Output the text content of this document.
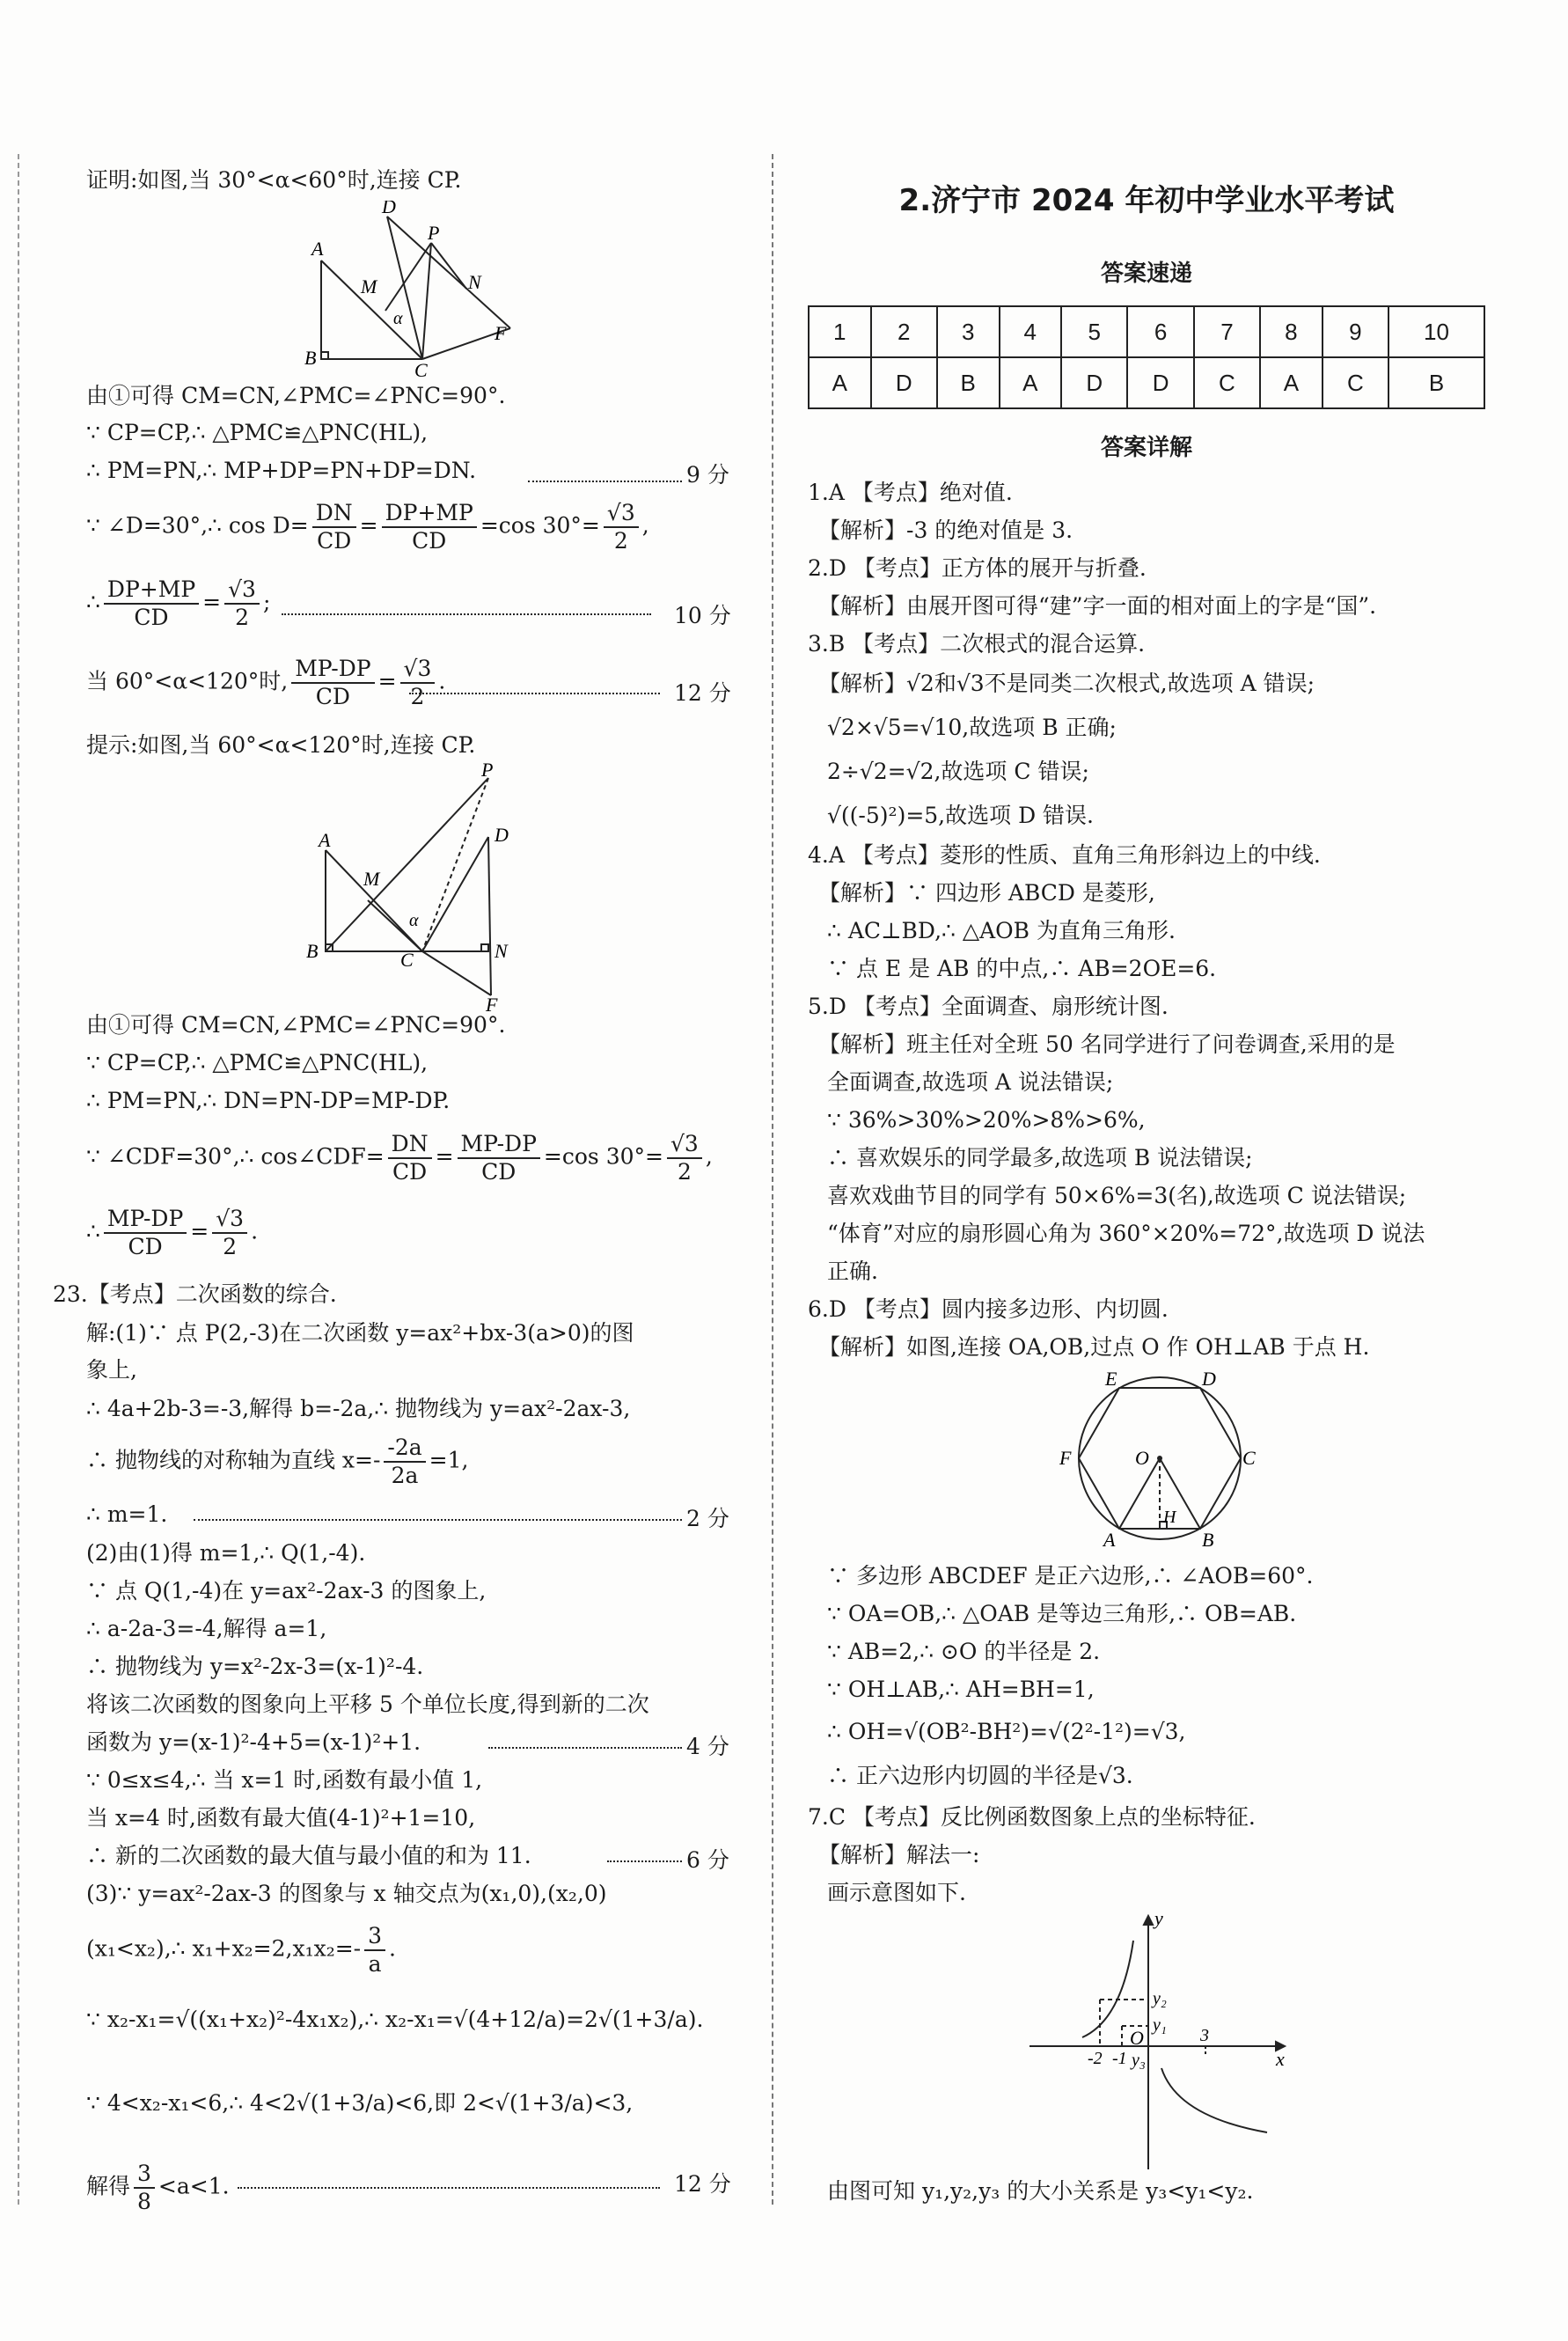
证明:如图,当 30°<α<60°时,连接 CP.
A
D
P
M	N
α
F
B
C
由①可得 CM=CN,∠PMC=∠PNC=90°.
∵ CP=CP,∴ △PMC≌△PNC(HL),
∴ PM=PN,∴ MP+DP=PN+DP=DN.	9 分
∵ ∠D=30°,∴ $\cos D= \frac{DN}{CD} = \frac{DP+MP}{CD} =\cos$ $30^\circ= \frac{√3}{2}$ ,
∴ $\frac{DP+MP}{CD} = \frac{√3}{2}$ ;
10 分
当 60°<α<120°时, $\frac{MP-DP}{CD} = \frac{√3}{2}$ .	12 分
提示:如图,当 60°<α<120°时,连接 CP.
P
D
A
M
α
B	C	N
F
由①可得 CM=CN,∠PMC=∠PNC=90°.
∵ CP=CP,∴ △PMC≌△PNC(HL),
∴ PM=PN,∴ DN=PN-DP=MP-DP.
∵ ∠CDF=30°,∴ cos∠CDF= $\frac{DN}{CD} = \frac{MP-DP}{CD} =\cos$ $30^\circ= \frac{√3}{2}$ ,
∴ $\frac{MP-DP}{CD} = \frac{√3}{2}$ .
23.【考点】二次函数的综合.
解:(1)∵ 点 P(2,-3)在二次函数 y=ax²+bx-3(a>0)的图
象上,
∴ 4a+2b-3=-3,解得 b=-2a,∴ 抛物线为 y=ax²-2ax-3,
∴ 抛物线的对称轴为直线 $x=- \frac{-2a}{2a} =1$,
∴ m=1.	2 分
(2)由(1)得 m=1,∴ Q(1,-4).
∵ 点 Q(1,-4)在 y=ax²-2ax-3 的图象上,
∴ a-2a-3=-4,解得 a=1,
∴ 抛物线为 y=x²-2x-3=(x-1)²-4.
将该二次函数的图象向上平移 5 个单位长度,得到新的二次
函数为 y=(x-1)²-4+5=(x-1)²+1.	4 分
∵ 0≤x≤4,∴ 当 x=1 时,函数有最小值 1,
当 x=4 时,函数有最大值(4-1)²+1=10,
∴ 新的二次函数的最大值与最小值的和为 11.	6 分
(3)∵ y=ax²-2ax-3 的图象与 x 轴交点为(x₁,0),(x₂,0)
(x₁<x₂),∴ $x_1+x_2=2,x_1x_2=- \frac{3}{a}$ .
∵ x₂-x₁=√((x₁+x₂)²-4x₁x₂),∴ x₂-x₁=√(4+12/a)=2√(1+3/a).
∵ 4<x₂-x₁<6,∴ 4<2√(1+3/a)<6,即 2<√(1+3/a)<3,
解得 $\frac{3}{8} <a<1$.	12 分
2.济宁市 2024 年初中学业水平考试
答案速递
1	2	3	4	5	6	7	8	9	10
A	D	B	A	D	D	C	A	C	B
答案详解
1.A 【考点】绝对值.
【解析】-3 的绝对值是 3.
2.D 【考点】正方体的展开与折叠.
【解析】由展开图可得“建”字一面的相对面上的字是“国”.
3.B 【考点】二次根式的混合运算.
【解析】√2和√3不是同类二次根式,故选项 A 错误;
√2×√5=√10,故选项 B 正确;
2÷√2=√2,故选项 C 错误;
√((-5)²)=5,故选项 D 错误.
4.A 【考点】菱形的性质、直角三角形斜边上的中线.
【解析】∵ 四边形 ABCD 是菱形,
∴ AC⊥BD,∴ △AOB 为直角三角形.
∵ 点 E 是 AB 的中点,∴ AB=2OE=6.
5.D 【考点】全面调查、扇形统计图.
【解析】班主任对全班 50 名同学进行了问卷调查,采用的是
全面调查,故选项 A 说法错误;
∵ 36%>30%>20%>8%>6%,
∴ 喜欢娱乐的同学最多,故选项 B 说法错误;
喜欢戏曲节目的同学有 50×6%=3(名),故选项 C 说法错误;
“体育”对应的扇形圆心角为 360°×20%=72°,故选项 D 说法
正确.
6.D 【考点】圆内接多边形、内切圆.
【解析】如图,连接 OA,OB,过点 O 作 OH⊥AB 于点 H.
E	D
F	O	C
H
A	B
∵ 多边形 ABCDEF 是正六边形,∴ ∠AOB=60°.
∵ OA=OB,∴ △OAB 是等边三角形,∴ OB=AB.
∵ AB=2,∴ ⊙O 的半径是 2.
∵ OH⊥AB,∴ AH=BH=1,
∴ OH=√(OB²-BH²)=√(2²-1²)=√3,
∴ 正六边形内切圆的半径是√3.
7.C 【考点】反比例函数图象上点的坐标特征.
【解析】解法一:
画示意图如下.
y
y₂
y₁
O
-2 -1 y₃
3
x
由图可知 y₁,y₂,y₃ 的大小关系是 y₃<y₁<y₂.
